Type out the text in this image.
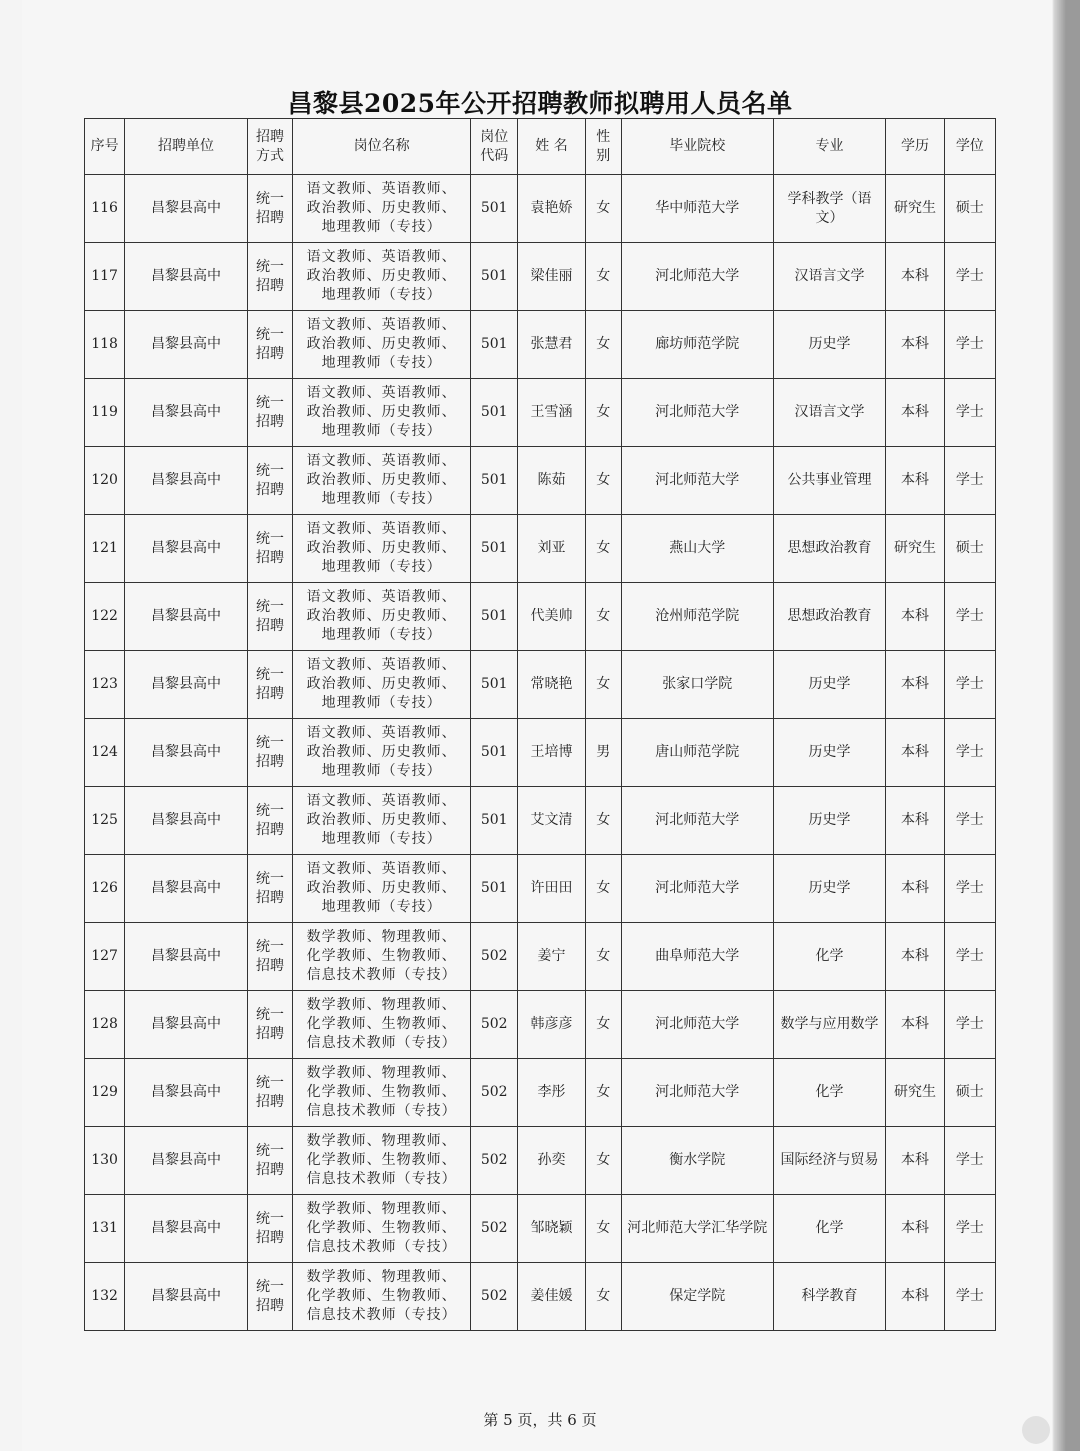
昌黎县2025年公开招聘教师拟聘用人员名单
序号	招聘单位	招聘方式	岗位名称	岗位代码	姓 名	性别	毕业院校	专业	学历	学位
116	昌黎县高中	统一招聘	语文教师、英语教师、政治教师、历史教师、地理教师（专技）	501	袁艳娇	女	华中师范大学	学科教学（语文）	研究生	硕士
117	昌黎县高中	统一招聘	语文教师、英语教师、政治教师、历史教师、地理教师（专技）	501	梁佳丽	女	河北师范大学	汉语言文学	本科	学士
118	昌黎县高中	统一招聘	语文教师、英语教师、政治教师、历史教师、地理教师（专技）	501	张慧君	女	廊坊师范学院	历史学	本科	学士
119	昌黎县高中	统一招聘	语文教师、英语教师、政治教师、历史教师、地理教师（专技）	501	王雪涵	女	河北师范大学	汉语言文学	本科	学士
120	昌黎县高中	统一招聘	语文教师、英语教师、政治教师、历史教师、地理教师（专技）	501	陈茹	女	河北师范大学	公共事业管理	本科	学士
121	昌黎县高中	统一招聘	语文教师、英语教师、政治教师、历史教师、地理教师（专技）	501	刘亚	女	燕山大学	思想政治教育	研究生	硕士
122	昌黎县高中	统一招聘	语文教师、英语教师、政治教师、历史教师、地理教师（专技）	501	代美帅	女	沧州师范学院	思想政治教育	本科	学士
123	昌黎县高中	统一招聘	语文教师、英语教师、政治教师、历史教师、地理教师（专技）	501	常晓艳	女	张家口学院	历史学	本科	学士
124	昌黎县高中	统一招聘	语文教师、英语教师、政治教师、历史教师、地理教师（专技）	501	王培博	男	唐山师范学院	历史学	本科	学士
125	昌黎县高中	统一招聘	语文教师、英语教师、政治教师、历史教师、地理教师（专技）	501	艾文清	女	河北师范大学	历史学	本科	学士
126	昌黎县高中	统一招聘	语文教师、英语教师、政治教师、历史教师、地理教师（专技）	501	许田田	女	河北师范大学	历史学	本科	学士
127	昌黎县高中	统一招聘	数学教师、物理教师、化学教师、生物教师、信息技术教师（专技）	502	姜宁	女	曲阜师范大学	化学	本科	学士
128	昌黎县高中	统一招聘	数学教师、物理教师、化学教师、生物教师、信息技术教师（专技）	502	韩彦彦	女	河北师范大学	数学与应用数学	本科	学士
129	昌黎县高中	统一招聘	数学教师、物理教师、化学教师、生物教师、信息技术教师（专技）	502	李彤	女	河北师范大学	化学	研究生	硕士
130	昌黎县高中	统一招聘	数学教师、物理教师、化学教师、生物教师、信息技术教师（专技）	502	孙奕	女	衡水学院	国际经济与贸易	本科	学士
131	昌黎县高中	统一招聘	数学教师、物理教师、化学教师、生物教师、信息技术教师（专技）	502	邹晓颖	女	河北师范大学汇华学院	化学	本科	学士
132	昌黎县高中	统一招聘	数学教师、物理教师、化学教师、生物教师、信息技术教师（专技）	502	姜佳媛	女	保定学院	科学教育	本科	学士
第 5 页，共 6 页
